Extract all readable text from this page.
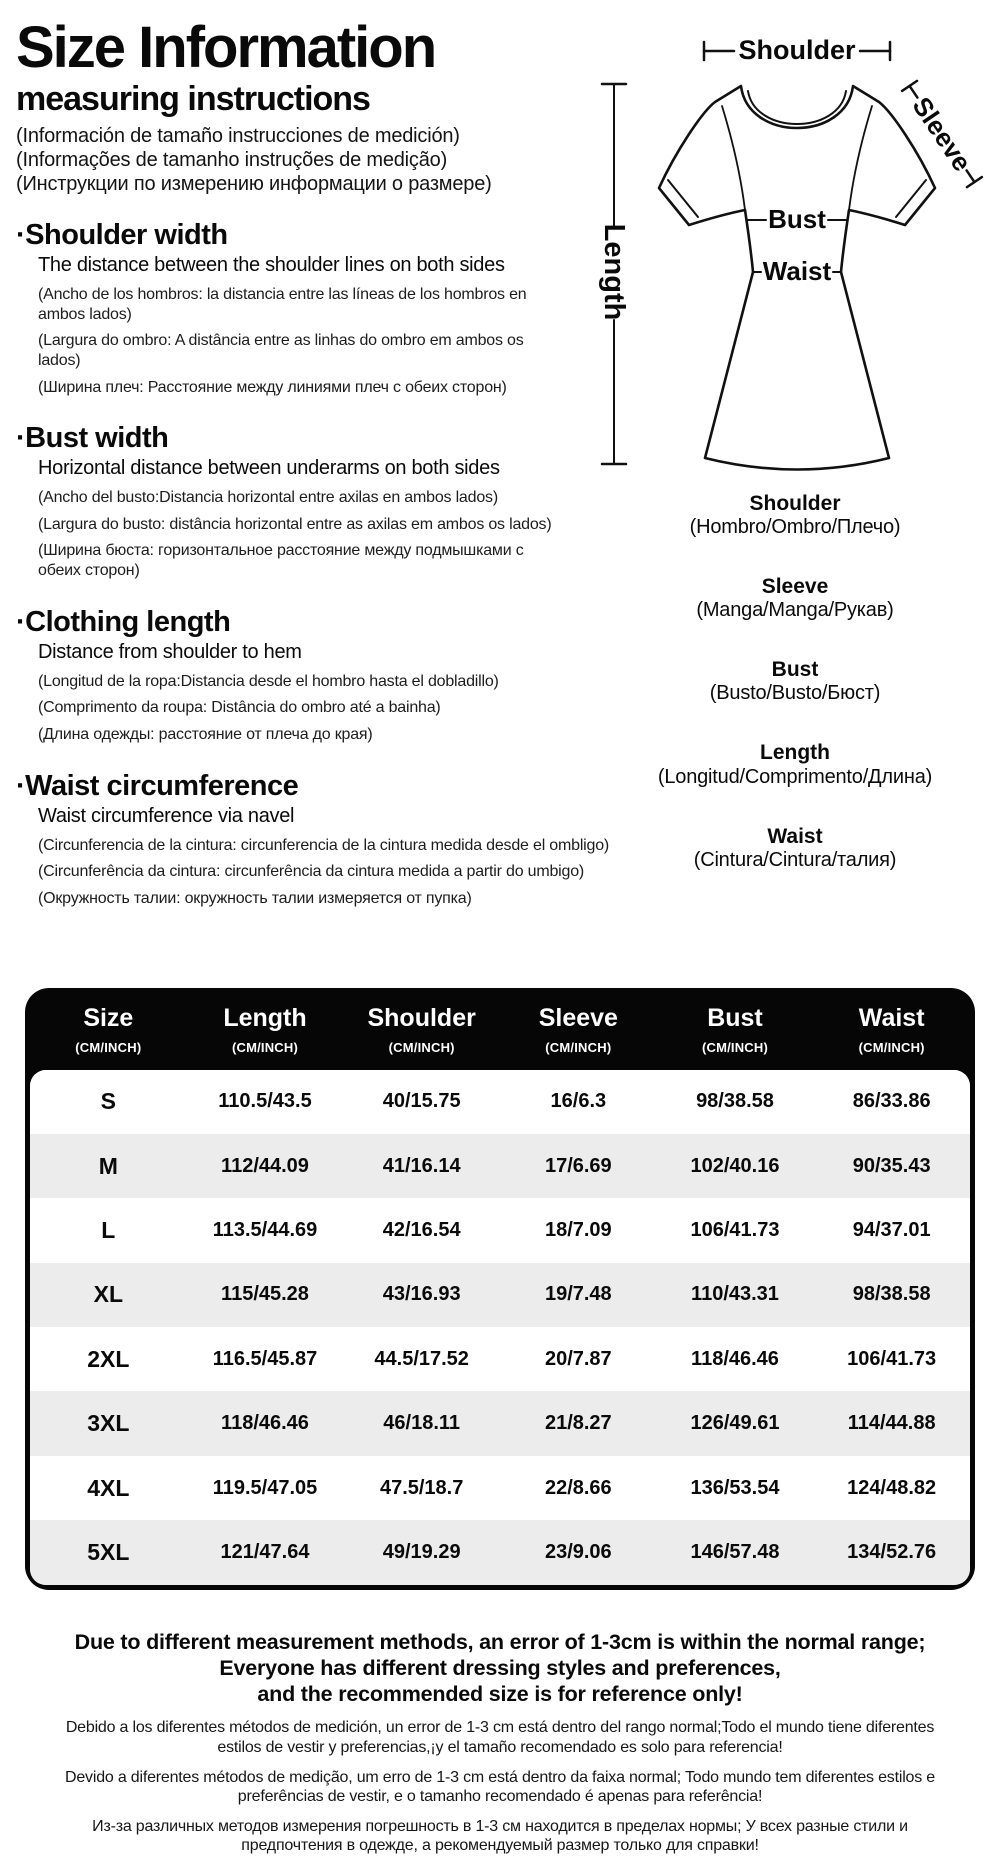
Size Information
measuring instructions
(Información de tamaño instrucciones de medición)
(Informações de tamanho instruções de medição)
(Инструкции по измерению информации о размере)
·Shoulder width
The distance between the shoulder lines on both sides
(Ancho de los hombros: la distancia entre las líneas de los hombros en ambos lados)
(Largura do ombro: A distância entre as linhas do ombro em ambos os lados)
(Ширина плеч: Расстояние между линиями плеч с обеих сторон)
·Bust width
Horizontal distance between underarms on both sides
(Ancho del busto:Distancia horizontal entre axilas en ambos lados)
(Largura do busto: distância horizontal entre as axilas em ambos os lados)
(Ширина бюста: горизонтальное расстояние между подмышками с обеих сторон)
·Clothing length
Distance from shoulder to hem
(Longitud de la ropa:Distancia desde el hombro hasta el dobladillo)
(Comprimento da roupa: Distância do ombro até a bainha)
(Длина одежды: расстояние от плеча до края)
·Waist circumference
Waist circumference via navel
(Circunferencia de la cintura: circunferencia de la cintura medida desde el ombligo)
(Circunferência da cintura: circunferência da cintura medida a partir do umbigo)
(Окружность талии: окружность талии измеряется от пупка)
Shoulder
Length
Sleeve
Bust
Waist
Shoulder
(Hombro/Ombro/Плечо)
Sleeve
(Manga/Manga/Рукав)
Bust
(Busto/Busto/Бюст)
Length
(Longitud/Comprimento/Длина)
Waist
(Cintura/Cintura/талия)
Size
(CM/INCH)
Length
(CM/INCH)
Shoulder
(CM/INCH)
Sleeve
(CM/INCH)
Bust
(CM/INCH)
Waist
(CM/INCH)
S	110.5/43.5	40/15.75	16/6.3	98/38.58	86/33.86
M	112/44.09	41/16.14	17/6.69	102/40.16	90/35.43
L	113.5/44.69	42/16.54	18/7.09	106/41.73	94/37.01
XL	115/45.28	43/16.93	19/7.48	110/43.31	98/38.58
2XL	116.5/45.87	44.5/17.52	20/7.87	118/46.46	106/41.73
3XL	118/46.46	46/18.11	21/8.27	126/49.61	114/44.88
4XL	119.5/47.05	47.5/18.7	22/8.66	136/53.54	124/48.82
5XL	121/47.64	49/19.29	23/9.06	146/57.48	134/52.76
Due to different measurement methods, an error of 1-3cm is within the normal range;
Everyone has different dressing styles and preferences,
and the recommended size is for reference only!
Debido a los diferentes métodos de medición, un error de 1-3 cm está dentro del rango normal;Todo el mundo tiene diferentes estilos de vestir y preferencias,¡y el tamaño recomendado es solo para referencia!
Devido a diferentes métodos de medição, um erro de 1-3 cm está dentro da faixa normal; Todo mundo tem diferentes estilos e preferências de vestir, e o tamanho recomendado é apenas para referência!
Из-за различных методов измерения погрешность в 1-3 см находится в пределах нормы; У всех разные стили и предпочтения в одежде, а рекомендуемый размер только для справки!
